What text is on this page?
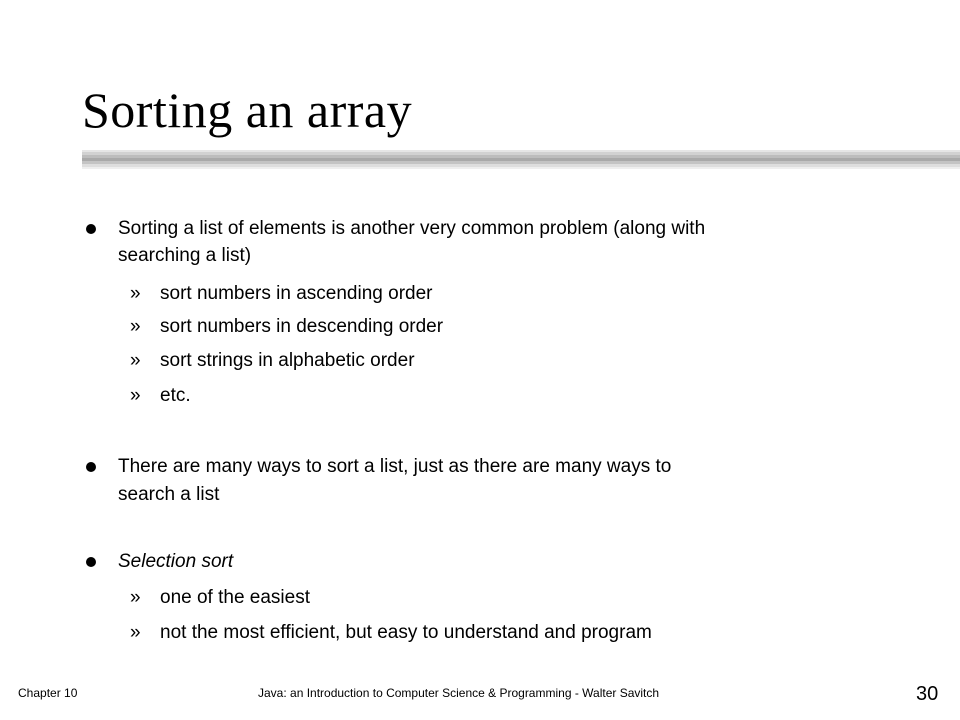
Sorting an array
Sorting a list of elements is another very common problem (along with
searching a list)
» sort numbers in ascending order
» sort numbers in descending order
» sort strings in alphabetic order
» etc.
There are many ways to sort a list, just as there are many ways to
search a list
Selection sort
» one of the easiest
» not the most efficient, but easy to understand and program
Chapter 10	Java: an Introduction to Computer Science & Programming - Walter Savitch	30
